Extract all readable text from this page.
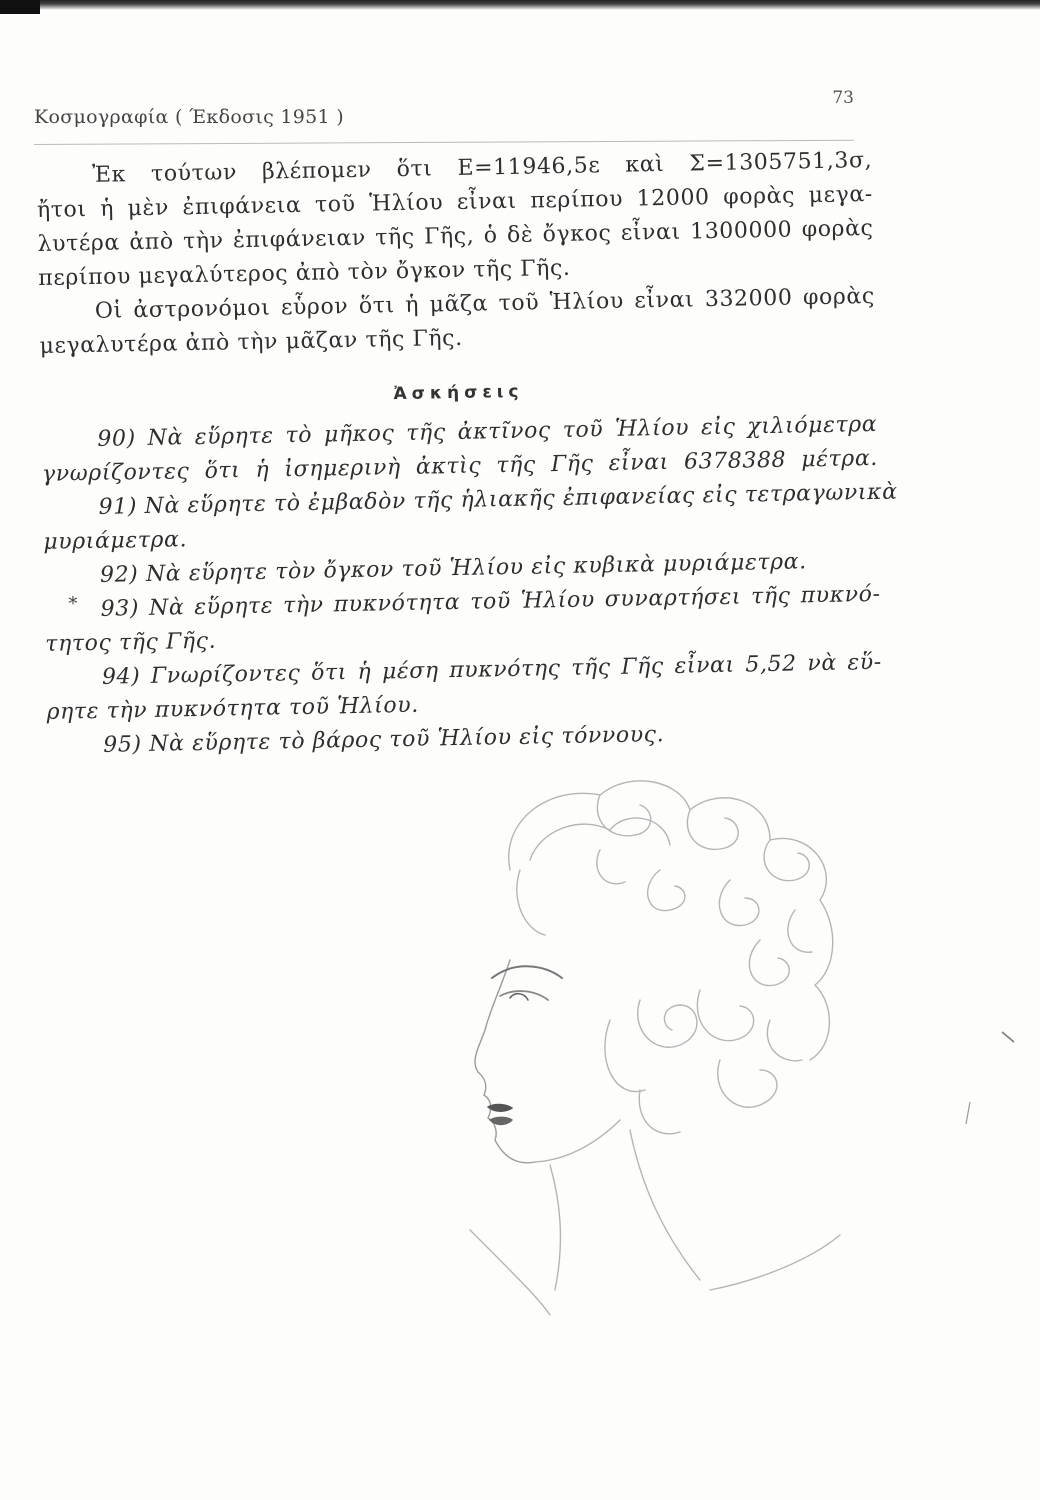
Κοσμογραφία ( Έκδοσις 1951 )
73
Ἐκ τούτων βλέπομεν ὅτι Ε=11946,5ε καὶ Σ=1305751,3σ,
ἤτοι ἡ μὲν ἐπιφάνεια τοῦ Ἡλίου εἶναι περίπου 12000 φορὰς μεγα-
λυτέρα ἀπὸ τὴν ἐπιφάνειαν τῆς Γῆς, ὁ δὲ ὄγκος εἶναι 1300000 φορὰς
περίπου μεγαλύτερος ἀπὸ τὸν ὄγκον τῆς Γῆς.
Οἱ ἀστρονόμοι εὗρον ὅτι ἡ μᾶζα τοῦ Ἡλίου εἶναι 332000 φορὰς
μεγαλυτέρα ἀπὸ τὴν μᾶζαν τῆς Γῆς.
Ἀσκήσεις
90) Νὰ εὕρητε τὸ μῆκος τῆς ἀκτῖνος τοῦ Ἡλίου εἰς χιλιόμετρα
γνωρίζοντες ὅτι ἡ ἰσημερινὴ ἀκτὶς τῆς Γῆς εἶναι 6378388 μέτρα.
91) Νὰ εὕρητε τὸ ἐμβαδὸν τῆς ἡλιακῆς ἐπιφανείας εἰς τετραγωνικὰ
μυριάμετρα.
92) Νὰ εὕρητε τὸν ὄγκον τοῦ Ἡλίου εἰς κυβικὰ μυριάμετρα.
*	93) Νὰ εὕρητε τὴν πυκνότητα τοῦ Ἡλίου συναρτήσει τῆς πυκνό-
τητος τῆς Γῆς.
94) Γνωρίζοντες ὅτι ἡ μέση πυκνότης τῆς Γῆς εἶναι 5,52 νὰ εὕ-
ρητε τὴν πυκνότητα τοῦ Ἡλίου.
95) Νὰ εὕρητε τὸ βάρος τοῦ Ἡλίου εἰς τόννους.
